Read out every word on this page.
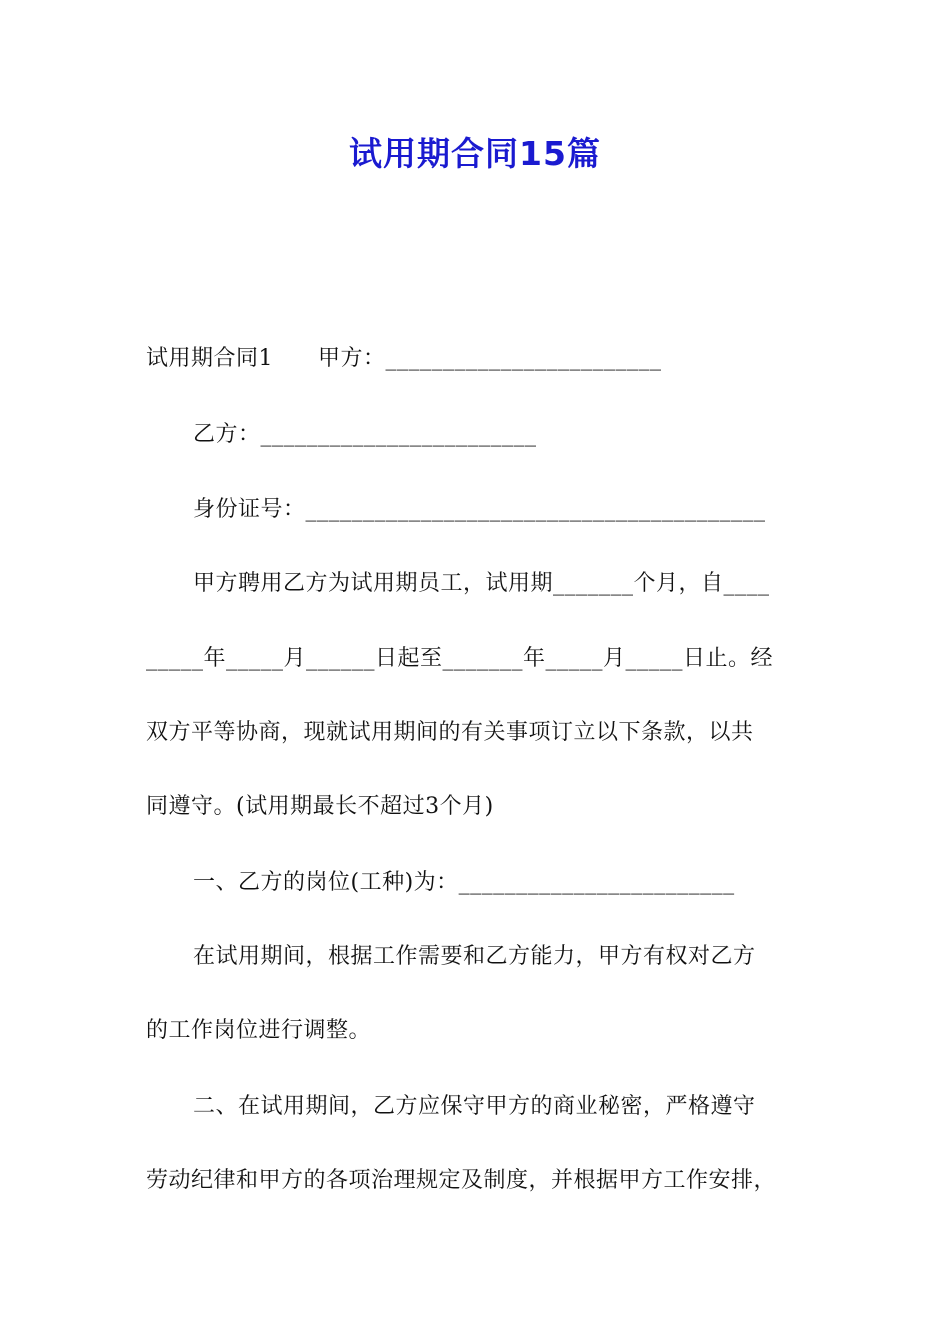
试用期合同15篇
试用期合同1　　甲方：________________________
乙方：________________________
身份证号：________________________________________
甲方聘用乙方为试用期员工，试用期_______个月，自____
_____年_____月______日起至_______年_____月_____日止。经
双方平等协商，现就试用期间的有关事项订立以下条款，以共
同遵守。(试用期最长不超过3个月)
一、乙方的岗位(工种)为：________________________
在试用期间，根据工作需要和乙方能力，甲方有权对乙方
的工作岗位进行调整。
二、在试用期间，乙方应保守甲方的商业秘密，严格遵守
劳动纪律和甲方的各项治理规定及制度，并根据甲方工作安排，
